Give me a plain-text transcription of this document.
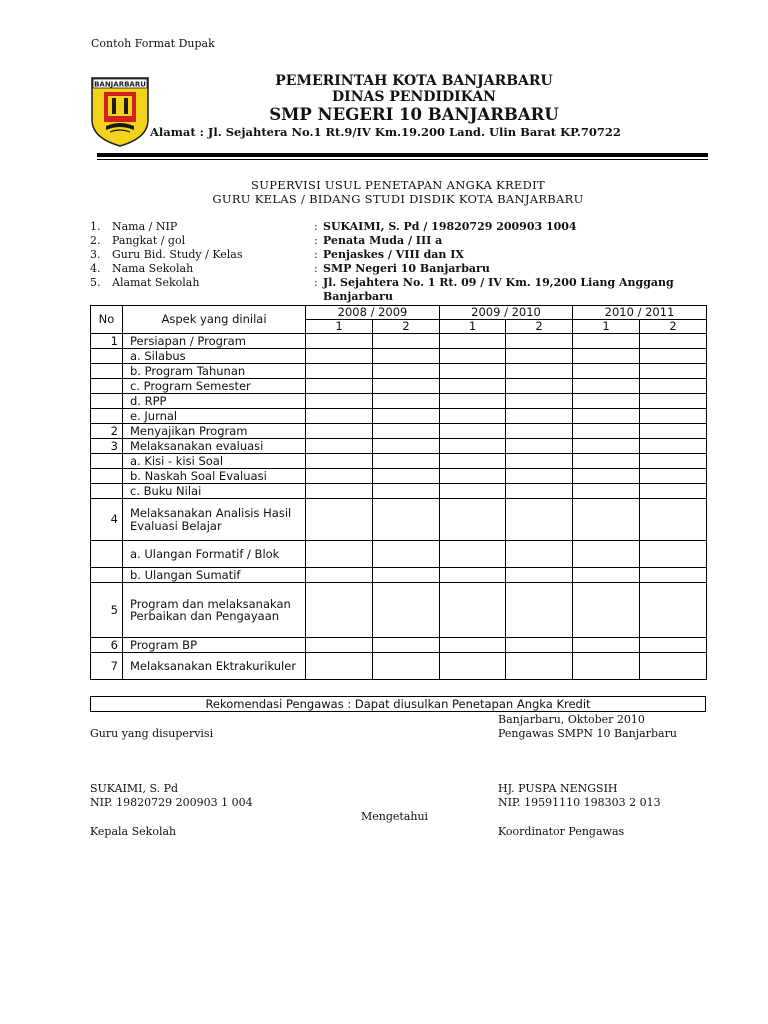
Contoh Format Dupak
BANJARBARU	PEMERINTAH KOTA BANJARBARU
DINAS PENDIDIKAN
SMP NEGERI 10 BANJARBARU
Alamat : Jl. Sejahtera No.1 Rt.9/IV Km.19.200 Land. Ulin Barat KP.70722
SUPERVISI USUL PENETAPAN ANGKA KREDIT
GURU KELAS / BIDANG STUDI DISDIK KOTA BANJARBARU
1.	Nama / NIP	: SUKAIMI, S. Pd / 19820729 200903 1004
2.	Pangkat / gol	: Penata Muda / III a
3.	Guru Bid. Study / Kelas	: Penjaskes / VIII dan IX
4.	Nama Sekolah	: SMP Negeri 10 Banjarbaru
5.	Alamat Sekolah	: Jl. Sejahtera No. 1 Rt. 09 / IV Km. 19,200 Liang Anggang
Banjarbaru
No	Aspek yang dinilai	2008 / 2009		2009 / 2010		2010 / 2011	
		1	2	1	2	1	2
1	Persiapan / Program						
	a. Silabus						
	b. Program Tahunan						
	c. Program Semester						
	d. RPP						
	e. Jurnal						
2	Menyajikan Program						
3	Melaksanakan evaluasi						
	a. Kisi - kisi Soal						
	b. Naskah Soal Evaluasi						
	c. Buku Nilai						
4	Melaksanakan Analisis Hasil
Evaluasi Belajar						
	a. Ulangan Formatif / Blok						
	b. Ulangan Sumatif						
5	Program dan melaksanakan Perbaikan dan Pengayaan						
6	Program BP						
7	Melaksanakan Ektrakurikuler						
Rekomendasi Pengawas : Dapat diusulkan Penetapan Angka Kredit
Banjarbaru, Oktober 2010
Guru yang disupervisi	Pengawas SMPN 10 Banjarbaru
SUKAIMI, S. Pd	HJ. PUSPA NENGSIH
NIP. 19820729 200903 1 004	NIP. 19591110 198303 2 013
Mengetahui
Kepala Sekolah	Koordinator Pengawas
